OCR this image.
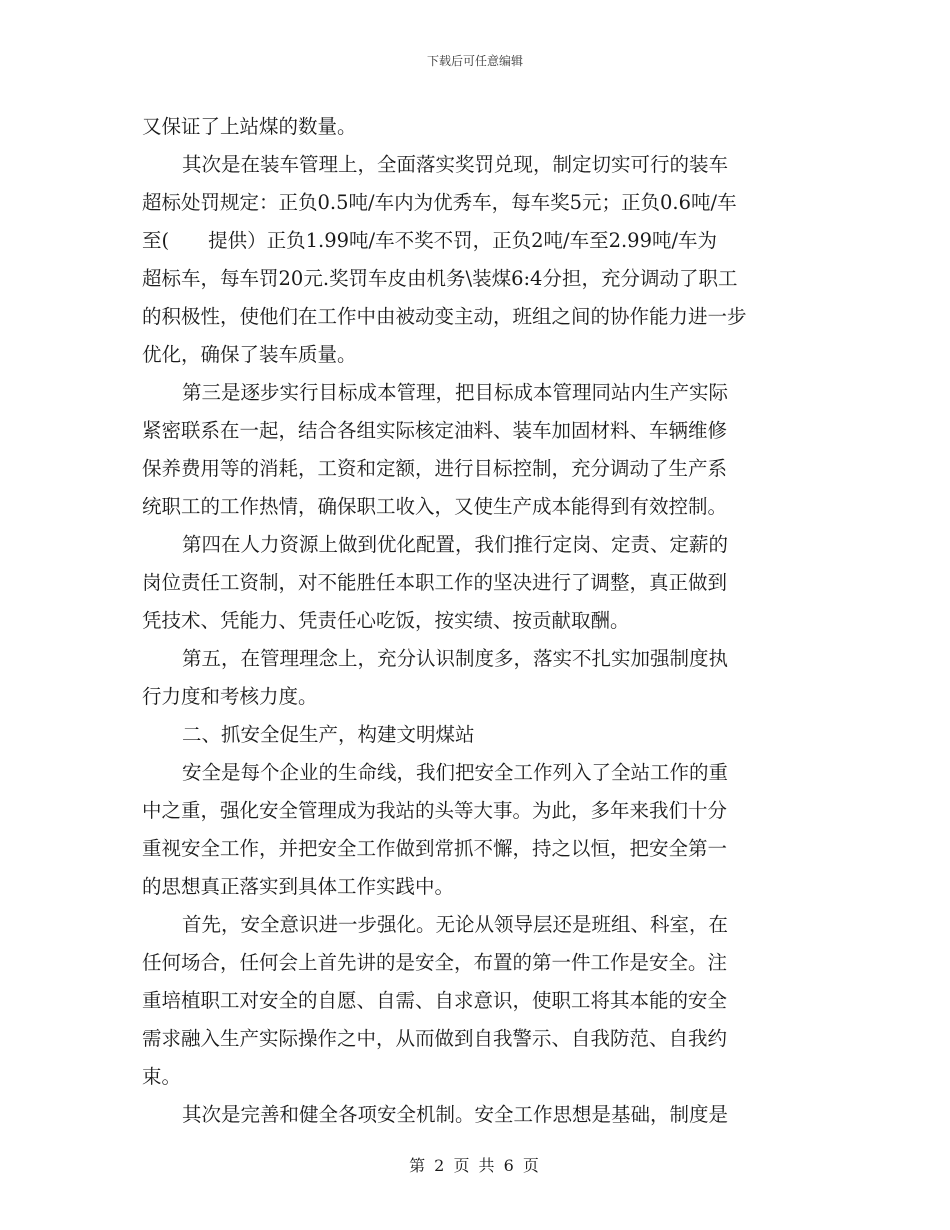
下载后可任意编辑
又保证了上站煤的数量。
其次是在装车管理上，全面落实奖罚兑现，制定切实可行的装车
超标处罚规定：正负0.5吨/车内为优秀车，每车奖5元；正负0.6吨/车
至(　　提供）正负1.99吨/车不奖不罚，正负2吨/车至2.99吨/车为
超标车，每车罚20元.奖罚车皮由机务\装煤6:4分担，充分调动了职工
的积极性，使他们在工作中由被动变主动，班组之间的协作能力进一步
优化，确保了装车质量。
第三是逐步实行目标成本管理，把目标成本管理同站内生产实际
紧密联系在一起，结合各组实际核定油料、装车加固材料、车辆维修
保养费用等的消耗，工资和定额，进行目标控制，充分调动了生产系
统职工的工作热情，确保职工收入，又使生产成本能得到有效控制。
第四在人力资源上做到优化配置，我们推行定岗、定责、定薪的
岗位责任工资制，对不能胜任本职工作的坚决进行了调整，真正做到
凭技术、凭能力、凭责任心吃饭，按实绩、按贡献取酬。
第五，在管理理念上，充分认识制度多，落实不扎实加强制度执
行力度和考核力度。
二、抓安全促生产，构建文明煤站
安全是每个企业的生命线，我们把安全工作列入了全站工作的重
中之重，强化安全管理成为我站的头等大事。为此，多年来我们十分
重视安全工作，并把安全工作做到常抓不懈，持之以恒，把安全第一
的思想真正落实到具体工作实践中。
首先，安全意识进一步强化。无论从领导层还是班组、科室，在
任何场合，任何会上首先讲的是安全，布置的第一件工作是安全。注
重培植职工对安全的自愿、自需、自求意识，使职工将其本能的安全
需求融入生产实际操作之中，从而做到自我警示、自我防范、自我约
束。
其次是完善和健全各项安全机制。安全工作思想是基础，制度是
第 2 页 共 6 页
